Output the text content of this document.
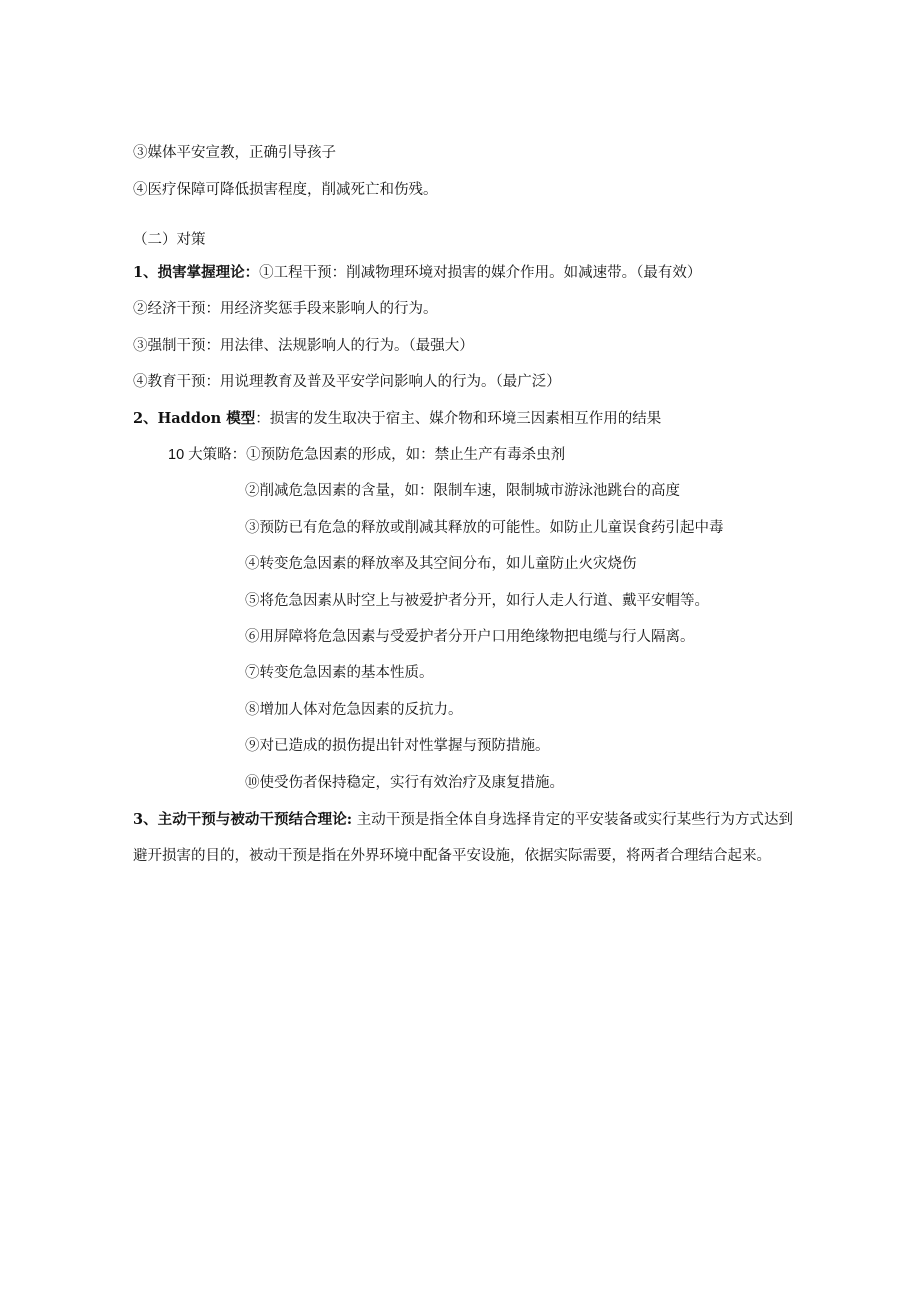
③媒体平安宣教，正确引导孩子
④医疗保障可降低损害程度，削减死亡和伤残。
（二）对策
1、损害掌握理论：①工程干预：削减物理环境对损害的媒介作用。如减速带。（最有效）
②经济干预：用经济奖惩手段来影响人的行为。
③强制干预：用法律、法规影响人的行为。（最强大）
④教育干预：用说理教育及普及平安学问影响人的行为。（最广泛）
2、Haddon 模型：损害的发生取决于宿主、媒介物和环境三因素相互作用的结果
10 大策略：①预防危急因素的形成，如：禁止生产有毒杀虫剂
②削减危急因素的含量，如：限制车速，限制城市游泳池跳台的高度
③预防已有危急的释放或削减其释放的可能性。如防止儿童误食药引起中毒
④转变危急因素的释放率及其空间分布，如儿童防止火灾烧伤
⑤将危急因素从时空上与被爱护者分开，如行人走人行道、戴平安帽等。
⑥用屏障将危急因素与受爱护者分开户口用绝缘物把电缆与行人隔离。
⑦转变危急因素的基本性质。
⑧增加人体对危急因素的反抗力。
⑨对已造成的损伤提出针对性掌握与预防措施。
⑩使受伤者保持稳定，实行有效治疗及康复措施。
3、主动干预与被动干预结合理论: 主动干预是指全体自身选择肯定的平安装备或实行某些行为方式达到避开损害的目的，被动干预是指在外界环境中配备平安设施，依据实际需要，将两者合理结合起来。
